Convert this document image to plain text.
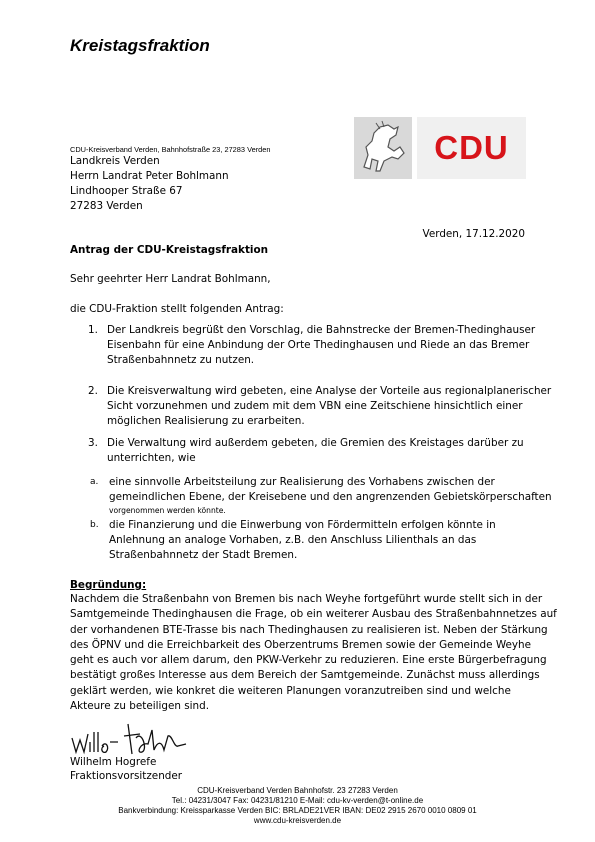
Kreistagsfraktion
CDU-Kreisverband Verden, Bahnhofstraße 23, 27283 Verden
Landkreis Verden
Herrn Landrat Peter Bohlmann
Lindhooper Straße 67
27283 Verden
CDU
Verden, 17.12.2020
Antrag der CDU-Kreistagsfraktion
Sehr geehrter Herr Landrat Bohlmann,
die CDU-Fraktion stellt folgenden Antrag:
1. Der Landkreis begrüßt den Vorschlag, die Bahnstrecke der Bremen-Thedinghauser
Eisenbahn für eine Anbindung der Orte Thedinghausen und Riede an das Bremer
Straßenbahnnetz zu nutzen.
2. Die Kreisverwaltung wird gebeten, eine Analyse der Vorteile aus regionalplanerischer
Sicht vorzunehmen und zudem mit dem VBN eine Zeitschiene hinsichtlich einer
möglichen Realisierung zu erarbeiten.
3. Die Verwaltung wird außerdem gebeten, die Gremien des Kreistages darüber zu
unterrichten, wie
a. eine sinnvolle Arbeitsteilung zur Realisierung des Vorhabens zwischen der
gemeindlichen Ebene, der Kreisebene und den angrenzenden Gebietskörperschaften
vorgenommen werden könnte.
b. die Finanzierung und die Einwerbung von Fördermitteln erfolgen könnte in
Anlehnung an analoge Vorhaben, z.B. den Anschluss Lilienthals an das
Straßenbahnnetz der Stadt Bremen.
Begründung:
Nachdem die Straßenbahn von Bremen bis nach Weyhe fortgeführt wurde stellt sich in der
Samtgemeinde Thedinghausen die Frage, ob ein weiterer Ausbau des Straßenbahnnetzes auf
der vorhandenen BTE-Trasse bis nach Thedinghausen zu realisieren ist. Neben der Stärkung
des ÖPNV und die Erreichbarkeit des Oberzentrums Bremen sowie der Gemeinde Weyhe
geht es auch vor allem darum, den PKW-Verkehr zu reduzieren. Eine erste Bürgerbefragung
bestätigt großes Interesse aus dem Bereich der Samtgemeinde. Zunächst muss allerdings
geklärt werden, wie konkret die weiteren Planungen voranzutreiben sind und welche
Akteure zu beteiligen sind.
Wilhelm Hogrefe
Fraktionsvorsitzender
CDU-Kreisverband Verden Bahnhofstr. 23 27283 Verden
Tel.: 04231/3047 Fax: 04231/81210 E-Mail: cdu-kv-verden@t-online.de
Bankverbindung: Kreissparkasse Verden BIC: BRLADE21VER IBAN: DE02 2915 2670 0010 0809 01
www.cdu-kreisverden.de
